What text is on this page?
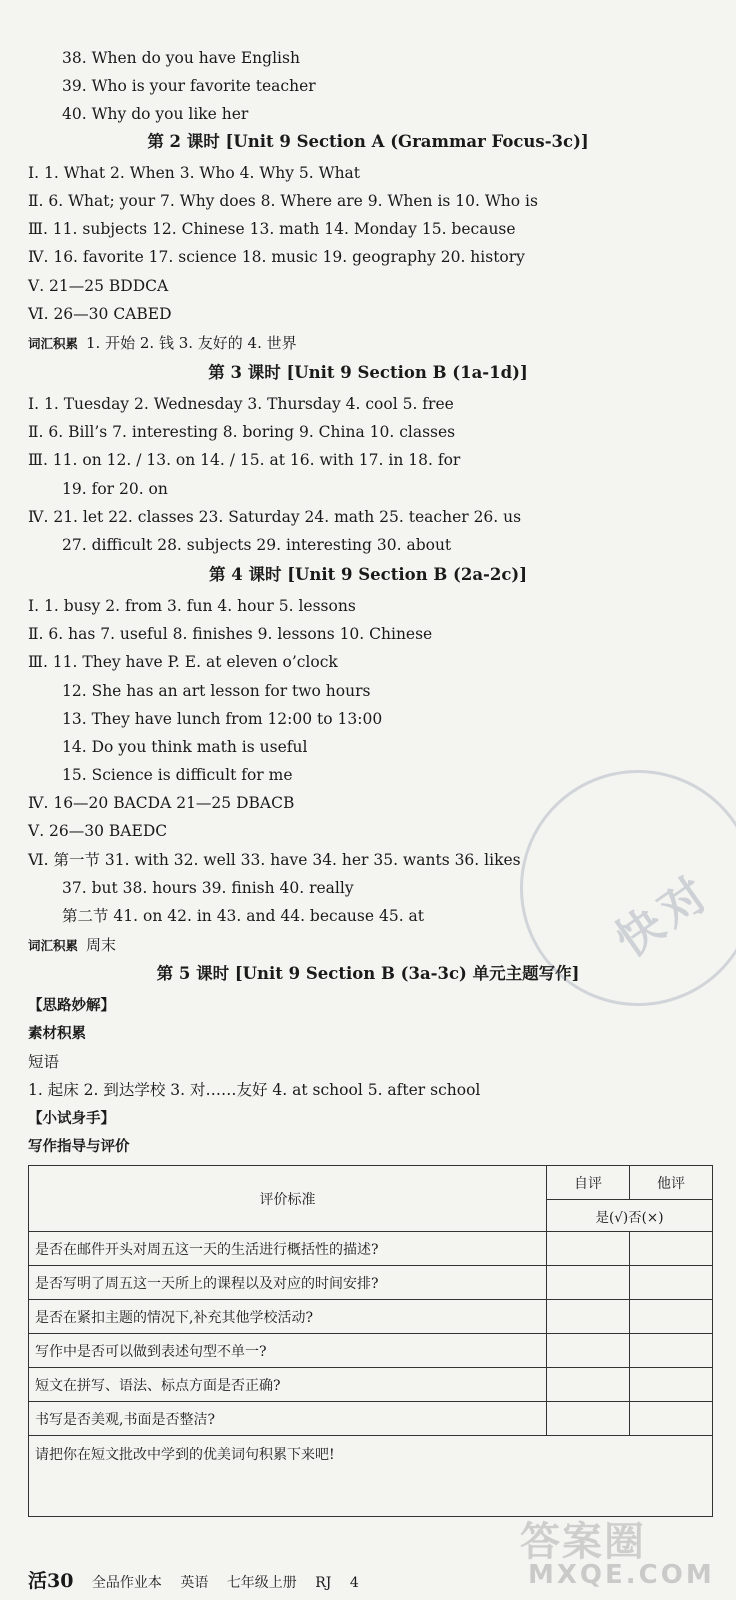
38. When do you have English
39. Who is your favorite teacher
40. Why do you like her
第 2 课时 [Unit 9 Section A (Grammar Focus-3c)]
Ⅰ. 1. What 2. When 3. Who 4. Why 5. What
Ⅱ. 6. What; your 7. Why does 8. Where are 9. When is 10. Who is
Ⅲ. 11. subjects 12. Chinese 13. math 14. Monday 15. because
Ⅳ. 16. favorite 17. science 18. music 19. geography 20. history
Ⅴ. 21—25 BDDCA
Ⅵ. 26—30 CABED
词汇积累 1. 开始 2. 钱 3. 友好的 4. 世界
第 3 课时 [Unit 9 Section B (1a-1d)]
Ⅰ. 1. Tuesday 2. Wednesday 3. Thursday 4. cool 5. free
Ⅱ. 6. Bill’s 7. interesting 8. boring 9. China 10. classes
Ⅲ. 11. on 12. / 13. on 14. / 15. at 16. with 17. in 18. for
19. for 20. on
Ⅳ. 21. let 22. classes 23. Saturday 24. math 25. teacher 26. us
27. difficult 28. subjects 29. interesting 30. about
第 4 课时 [Unit 9 Section B (2a-2c)]
Ⅰ. 1. busy 2. from 3. fun 4. hour 5. lessons
Ⅱ. 6. has 7. useful 8. finishes 9. lessons 10. Chinese
Ⅲ. 11. They have P. E. at eleven o’clock
12. She has an art lesson for two hours
13. They have lunch from 12:00 to 13:00
14. Do you think math is useful
15. Science is difficult for me
Ⅳ. 16—20 BACDA 21—25 DBACB
Ⅴ. 26—30 BAEDC
Ⅵ. 第一节 31. with 32. well 33. have 34. her 35. wants 36. likes
37. but 38. hours 39. finish 40. really
第二节 41. on 42. in 43. and 44. because 45. at
词汇积累 周末
第 5 课时 [Unit 9 Section B (3a-3c) 单元主题写作]
【思路妙解】
素材积累
短语
1. 起床 2. 到达学校 3. 对……友好 4. at school 5. after school
【小试身手】
写作指导与评价
评价标准	自评	他评
	是(√)否(×)	
是否在邮件开头对周五这一天的生活进行概括性的描述?		
是否写明了周五这一天所上的课程以及对应的时间安排?		
是否在紧扣主题的情况下,补充其他学校活动?		
写作中是否可以做到表述句型不单一?		
短文在拼写、语法、标点方面是否正确?		
书写是否美观,书面是否整洁?		
请把你在短文批改中学到的优美词句积累下来吧!		
快对
答案圈
MXQE.COM
活30 全品作业本 英语 七年级上册 RJ 4
